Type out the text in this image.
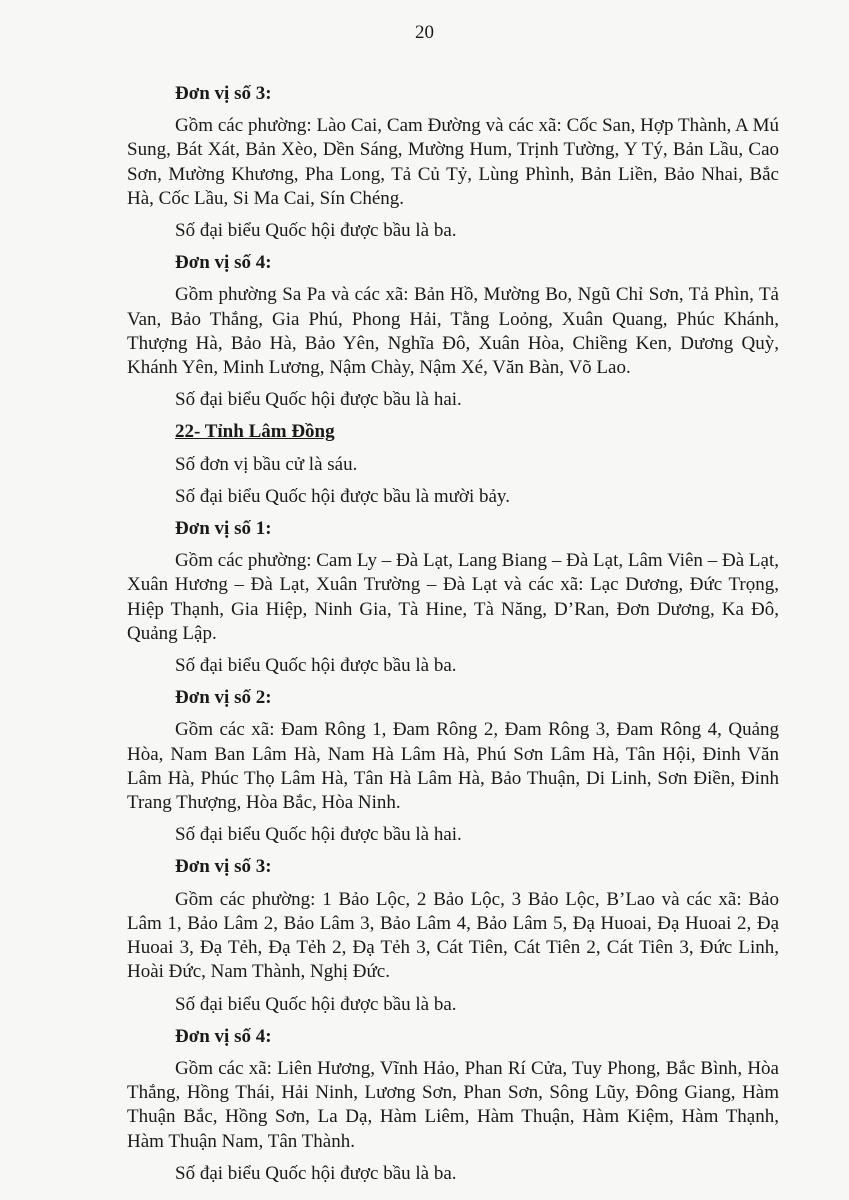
20
Đơn vị số 3:

Gồm các phường: Lào Cai, Cam Đường và các xã: Cốc San, Hợp Thành, A Mú Sung, Bát Xát, Bản Xèo, Dền Sáng, Mường Hum, Trịnh Tường, Y Tý, Bản Lầu, Cao Sơn, Mường Khương, Pha Long, Tả Củ Tỷ, Lùng Phình, Bản Liền, Bảo Nhai, Bắc Hà, Cốc Lầu, Si Ma Cai, Sín Chéng.

Số đại biểu Quốc hội được bầu là ba.
Đơn vị số 4:

Gồm phường Sa Pa và các xã: Bản Hồ, Mường Bo, Ngũ Chỉ Sơn, Tả Phìn, Tả Van, Bảo Thắng, Gia Phú, Phong Hải, Tằng Loỏng, Xuân Quang, Phúc Khánh, Thượng Hà, Bảo Hà, Bảo Yên, Nghĩa Đô, Xuân Hòa, Chiềng Ken, Dương Quỳ, Khánh Yên, Minh Lương, Nậm Chày, Nậm Xé, Văn Bàn, Võ Lao.

Số đại biểu Quốc hội được bầu là hai.
22- Tỉnh Lâm Đồng
Số đơn vị bầu cử là sáu.
Số đại biểu Quốc hội được bầu là mười bảy.
Đơn vị số 1:

Gồm các phường: Cam Ly – Đà Lạt, Lang Biang – Đà Lạt, Lâm Viên – Đà Lạt, Xuân Hương – Đà Lạt, Xuân Trường – Đà Lạt và các xã: Lạc Dương, Đức Trọng, Hiệp Thạnh, Gia Hiệp, Ninh Gia, Tà Hine, Tà Năng, D’Ran, Đơn Dương, Ka Đô, Quảng Lập.

Số đại biểu Quốc hội được bầu là ba.
Đơn vị số 2:

Gồm các xã: Đam Rông 1, Đam Rông 2, Đam Rông 3, Đam Rông 4, Quảng Hòa, Nam Ban Lâm Hà, Nam Hà Lâm Hà, Phú Sơn Lâm Hà, Tân Hội, Đinh Văn Lâm Hà, Phúc Thọ Lâm Hà, Tân Hà Lâm Hà, Bảo Thuận, Di Linh, Sơn Điền, Đinh Trang Thượng, Hòa Bắc, Hòa Ninh.

Số đại biểu Quốc hội được bầu là hai.
Đơn vị số 3:

Gồm các phường: 1 Bảo Lộc, 2 Bảo Lộc, 3 Bảo Lộc, B’Lao và các xã: Bảo Lâm 1, Bảo Lâm 2, Bảo Lâm 3, Bảo Lâm 4, Bảo Lâm 5, Đạ Huoai, Đạ Huoai 2, Đạ Huoai 3, Đạ Tẻh, Đạ Tẻh 2, Đạ Tẻh 3, Cát Tiên, Cát Tiên 2, Cát Tiên 3, Đức Linh, Hoài Đức, Nam Thành, Nghị Đức.

Số đại biểu Quốc hội được bầu là ba.
Đơn vị số 4:

Gồm các xã: Liên Hương, Vĩnh Hảo, Phan Rí Cửa, Tuy Phong, Bắc Bình, Hòa Thắng, Hồng Thái, Hải Ninh, Lương Sơn, Phan Sơn, Sông Lũy, Đông Giang, Hàm Thuận Bắc, Hồng Sơn, La Dạ, Hàm Liêm, Hàm Thuận, Hàm Kiệm, Hàm Thạnh, Hàm Thuận Nam, Tân Thành.

Số đại biểu Quốc hội được bầu là ba.
